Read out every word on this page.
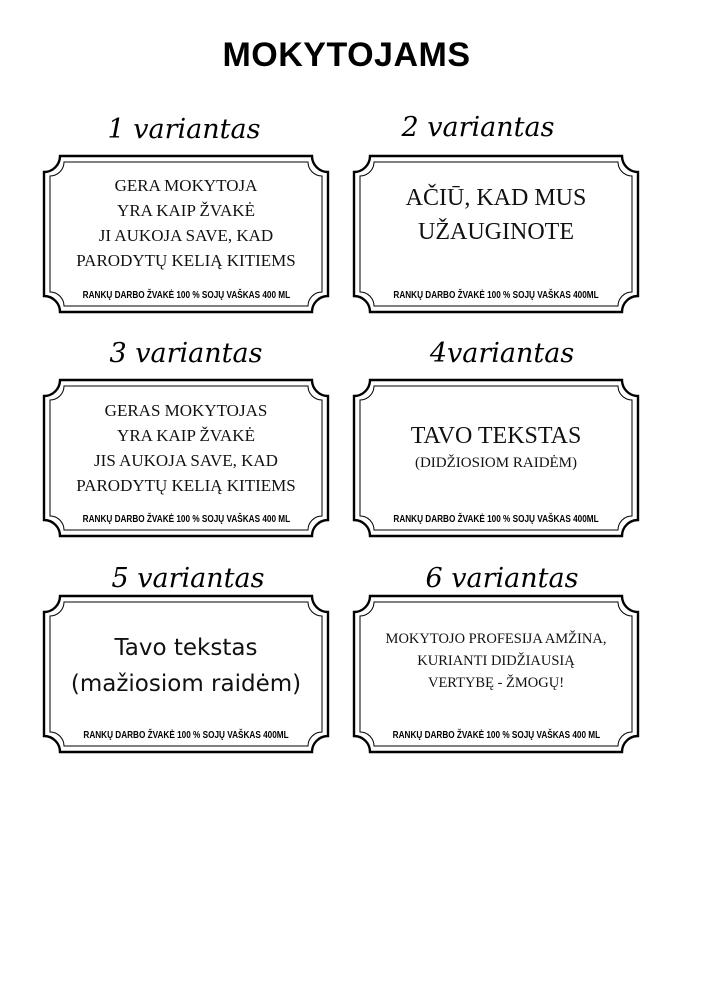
MOKYTOJAMS
1 variantas
GERA MOKYTOJA
YRA KAIP ŽVAKĖ
JI AUKOJA SAVE, KAD
PARODYTŲ KELIĄ KITIEMS
RANKŲ DARBO ŽVAKĖ 100 % SOJŲ VAŠKAS 400 ML
2 variantas
AČIŪ, KAD MUS
UŽAUGINOTE
RANKŲ DARBO ŽVAKĖ 100 % SOJŲ VAŠKAS 400ML
3 variantas
GERAS MOKYTOJAS
YRA KAIP ŽVAKĖ
JIS AUKOJA SAVE, KAD
PARODYTŲ KELIĄ KITIEMS
RANKŲ DARBO ŽVAKĖ 100 % SOJŲ VAŠKAS 400 ML
4variantas
TAVO TEKSTAS
(DIDŽIOSIOM RAIDĖM)
RANKŲ DARBO ŽVAKĖ 100 % SOJŲ VAŠKAS 400ML
5 variantas
Tavo tekstas
(mažiosiom raidėm)
RANKŲ DARBO ŽVAKĖ 100 % SOJŲ VAŠKAS 400ML
6 variantas
MOKYTOJO PROFESIJA AMŽINA,
KURIANTI DIDŽIAUSIĄ
VERTYBĘ - ŽMOGŲ!
RANKŲ DARBO ŽVAKĖ 100 % SOJŲ VAŠKAS 400 ML
